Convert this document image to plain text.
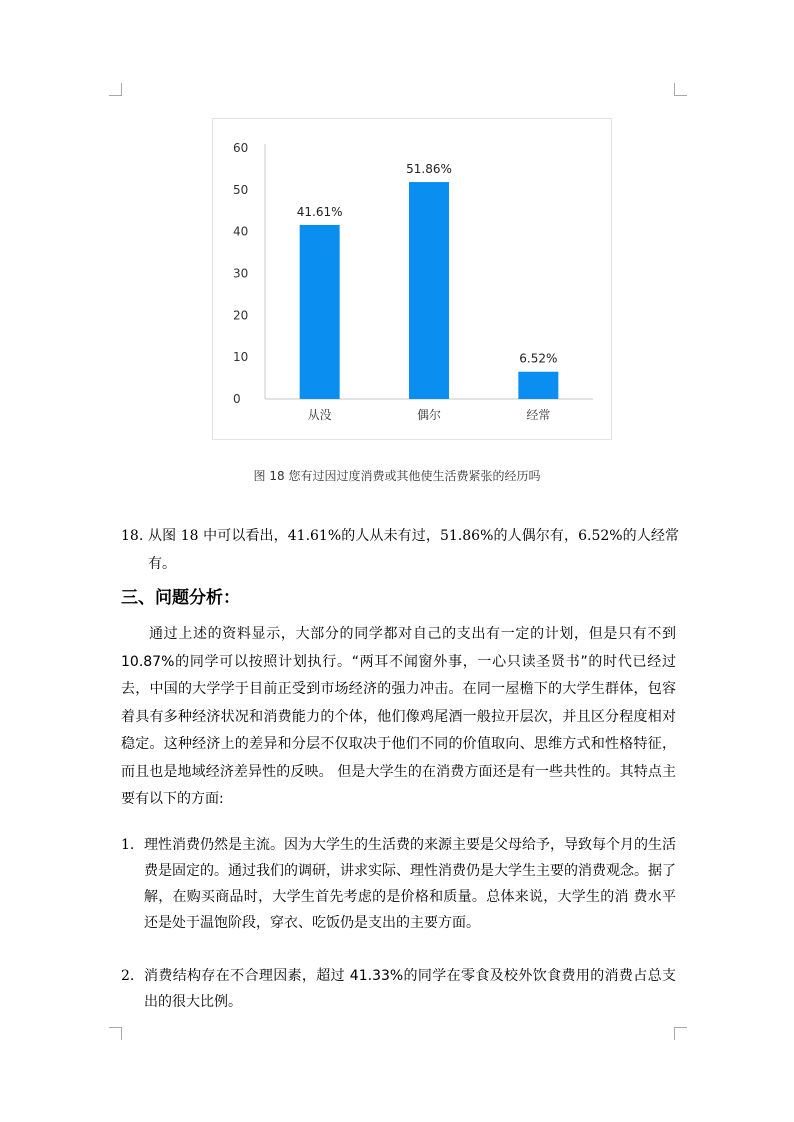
0
10
20
30
40
50
60
41.61%
从没
51.86%
偶尔
6.52%
经常
图 18 您有过因过度消费或其他使生活费紧张的经历吗
18. 从图 18 中可以看出，41.61%的人从未有过，51.86%的人偶尔有，6.52%的人经常有。
三、问题分析：
通过上述的资料显示，大部分的同学都对自己的支出有一定的计划，但是只有不到 10.87%的同学可以按照计划执行。“两耳不闻窗外事，一心只读圣贤书”的时代已经过去，中国的大学学于目前正受到市场经济的强力冲击。在同一屋檐下的大学生群体，包容着具有多种经济状况和消费能力的个体，他们像鸡尾酒一般拉开层次，并且区分程度相对稳定。这种经济上的差异和分层不仅取决于他们不同的价值取向、思维方式和性格特征，而且也是地域经济差异性的反映。 但是大学生的在消费方面还是有一些共性的。其特点主要有以下的方面:
1. 理性消费仍然是主流。因为大学生的生活费的来源主要是父母给予，导致每个月的生活费是固定的。通过我们的调研，讲求实际、理性消费仍是大学生主要的消费观念。据了解，在购买商品时，大学生首先考虑的是价格和质量。总体来说，大学生的消 费水平还是处于温饱阶段，穿衣、吃饭仍是支出的主要方面。
2. 消费结构存在不合理因素，超过 41.33%的同学在零食及校外饮食费用的消费占总支出的很大比例。
